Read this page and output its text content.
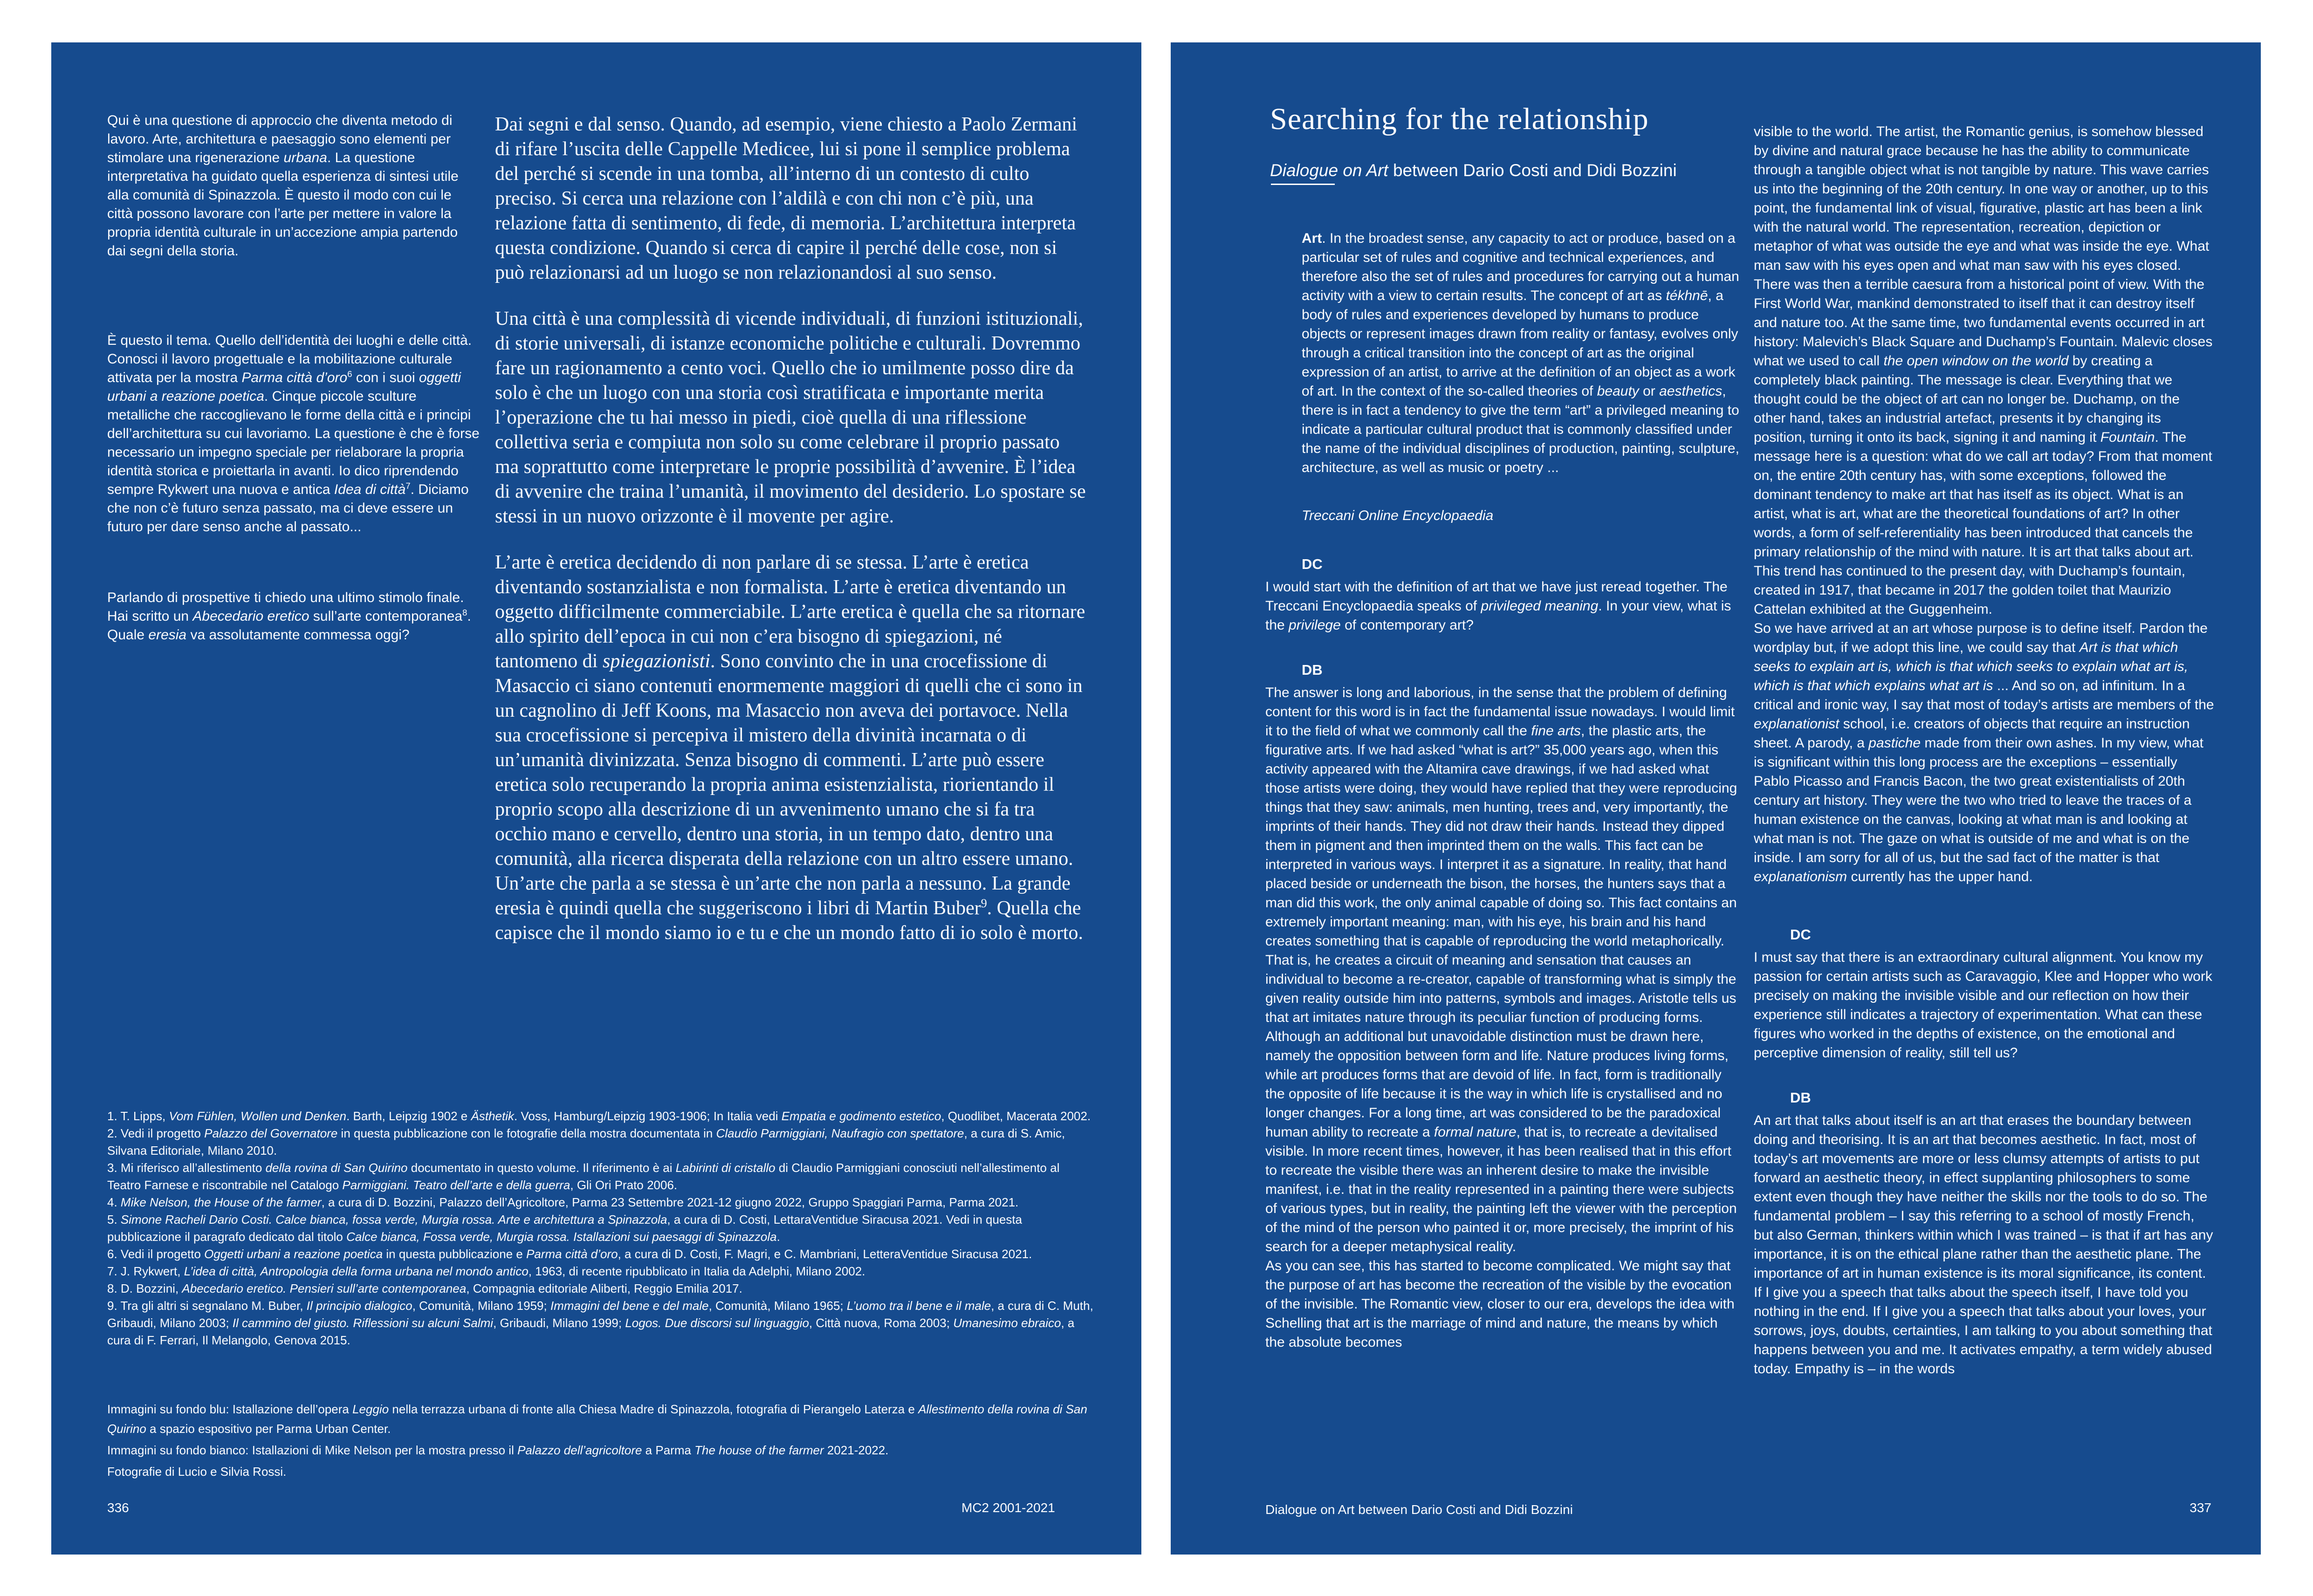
Qui è una questione di approccio che diventa metodo di lavoro. Arte, architettura e paesaggio sono elementi per stimolare una rigenerazione urbana. La questione interpretativa ha guidato quella esperienza di sintesi utile alla comunità di Spinazzola. È questo il modo con cui le città possono lavorare con l’arte per mettere in valore la propria identità culturale in un’accezione ampia partendo dai segni della storia.

È questo il tema. Quello dell’identità dei luoghi e delle città. Conosci il lavoro progettuale e la mobilitazione culturale attivata per la mostra Parma città d’oro$^6$ con i suoi oggetti urbani a reazione poetica. Cinque piccole sculture metalliche che raccoglievano le forme della città e i principi dell’architettura su cui lavoriamo. La questione è che è forse necessario un impegno speciale per rielaborare la propria identità storica e proiettarla in avanti. Io dico riprendendo sempre Rykwert una nuova e antica Idea di città$^7$. Diciamo che non c’è futuro senza passato, ma ci deve essere un futuro per dare senso anche al passato...

Parlando di prospettive ti chiedo una ultimo stimolo finale. Hai scritto un Abecedario eretico sull’arte contemporanea$^8$. Quale eresia va assolutamente commessa oggi?

Dai segni e dal senso. Quando, ad esempio, viene chiesto a Paolo Zermani di rifare l’uscita delle Cappelle Medicee, lui si pone il semplice problema del perché si scende in una tomba, all’interno di un contesto di culto preciso. Si cerca una relazione con l’aldilà e con chi non c’è più, una relazione fatta di sentimento, di fede, di memoria. L’architettura interpreta questa condizione. Quando si cerca di capire il perché delle cose, non si può relazionarsi ad un luogo se non relazionandosi al suo senso.

Una città è una complessità di vicende individuali, di funzioni istituzionali, di storie universali, di istanze economiche politiche e culturali. Dovremmo fare un ragionamento a cento voci. Quello che io umilmente posso dire da solo è che un luogo con una storia così stratificata e importante merita l’operazione che tu hai messo in piedi, cioè quella di una riflessione collettiva seria e compiuta non solo su come celebrare il proprio passato ma soprattutto come interpretare le proprie possibilità d’avvenire. È l’idea di avvenire che traina l’umanità, il movimento del desiderio. Lo spostare se stessi in un nuovo orizzonte è il movente per agire.

L’arte è eretica decidendo di non parlare di se stessa. L’arte è eretica diventando sostanzialista e non formalista. L’arte è eretica diventando un oggetto difficilmente commerciabile. L’arte eretica è quella che sa ritornare allo spirito dell’epoca in cui non c’era bisogno di spiegazioni, né tantomeno di spiegazionisti. Sono convinto che in una crocefissione di Masaccio ci siano contenuti enormemente maggiori di quelli che ci sono in un cagnolino di Jeff Koons, ma Masaccio non aveva dei portavoce. Nella sua crocefissione si percepiva il mistero della divinità incarnata o di un’umanità divinizzata. Senza bisogno di commenti. L’arte può essere eretica solo recuperando la propria anima esistenzialista, riorientando il proprio scopo alla descrizione di un avvenimento umano che si fa tra occhio mano e cervello, dentro una storia, in un tempo dato, dentro una comunità, alla ricerca disperata della relazione con un altro essere umano. Un’arte che parla a se stessa è un’arte che non parla a nessuno. La grande eresia è quindi quella che suggeriscono i libri di Martin Buber$^9$. Quella che capisce che il mondo siamo io e tu e che un mondo fatto di io solo è morto.

1. T. Lipps, Vom Fühlen, Wollen und Denken. Barth, Leipzig 1902 e Ästhetik. Voss, Hamburg/Leipzig 1903-1906; In Italia vedi Empatia e godimento estetico, Quodlibet, Macerata 2002.

2. Vedi il progetto Palazzo del Governatore in questa pubblicazione con le fotografie della mostra documentata in Claudio Parmiggiani, Naufragio con spettatore, a cura di S. Amic, Silvana Editoriale, Milano 2010.

3. Mi riferisco all’allestimento della rovina di San Quirino documentato in questo volume. Il riferimento è ai Labirinti di cristallo di Claudio Parmiggiani conosciuti nell’allestimento al Teatro Farnese e riscontrabile nel Catalogo Parmiggiani. Teatro dell’arte e della guerra, Gli Ori Prato 2006.

4. Mike Nelson, the House of the farmer, a cura di D. Bozzini, Palazzo dell’Agricoltore, Parma 23 Settembre 2021-12 giugno 2022, Gruppo Spaggiari Parma, Parma 2021.

5. Simone Racheli Dario Costi. Calce bianca, fossa verde, Murgia rossa. Arte e architettura a Spinazzola, a cura di D. Costi, LettaraVentidue Siracusa 2021. Vedi in questa pubblicazione il paragrafo dedicato dal titolo Calce bianca, Fossa verde, Murgia rossa. Istallazioni sui paesaggi di Spinazzola.

6. Vedi il progetto Oggetti urbani a reazione poetica in questa pubblicazione e Parma città d’oro, a cura di D. Costi, F. Magri, e C. Mambriani, LetteraVentidue Siracusa 2021.

7. J. Rykwert, L’idea di città, Antropologia della forma urbana nel mondo antico, 1963, di recente ripubblicato in Italia da Adelphi, Milano 2002.

8. D. Bozzini, Abecedario eretico. Pensieri sull’arte contemporanea, Compagnia editoriale Aliberti, Reggio Emilia 2017.

9. Tra gli altri si segnalano M. Buber, Il principio dialogico, Comunità, Milano 1959; Immagini del bene e del male, Comunità, Milano 1965; L’uomo tra il bene e il male, a cura di C. Muth, Gribaudi, Milano 2003; Il cammino del giusto. Riflessioni su alcuni Salmi, Gribaudi, Milano 1999; Logos. Due discorsi sul linguaggio, Città nuova, Roma 2003; Umanesimo ebraico, a cura di F. Ferrari, Il Melangolo, Genova 2015.

Immagini su fondo blu: Istallazione dell’opera Leggio nella terrazza urbana di fronte alla Chiesa Madre di Spinazzola, fotografia di Pierangelo Laterza e Allestimento della rovina di San Quirino a spazio espositivo per Parma Urban Center.

Immagini su fondo bianco: Istallazioni di Mike Nelson per la mostra presso il Palazzo dell’agricoltore a Parma The house of the farmer 2021-2022.

Fotografie di Lucio e Silvia Rossi.

336	MC2 2001-2021
Searching for the relationship

Dialogue on Art between Dario Costi and Didi Bozzini

Art. In the broadest sense, any capacity to act or produce, based on a particular set of rules and cognitive and technical experiences, and therefore also the set of rules and procedures for carrying out a human activity with a view to certain results. The concept of art as tékhnē, a body of rules and experiences developed by humans to produce objects or represent images drawn from reality or fantasy, evolves only through a critical transition into the concept of art as the original expression of an artist, to arrive at the definition of an object as a work of art. In the context of the so-called theories of beauty or aesthetics, there is in fact a tendency to give the term “art” a privileged meaning to indicate a particular cultural product that is commonly classified under the name of the individual disciplines of production, painting, sculpture, architecture, as well as music or poetry ...

Treccani Online Encyclopaedia

DC

I would start with the definition of art that we have just reread together. The Treccani Encyclopaedia speaks of privileged meaning. In your view, what is the privilege of contemporary art?

DB

The answer is long and laborious, in the sense that the problem of defining content for this word is in fact the fundamental issue nowadays. I would limit it to the field of what we commonly call the fine arts, the plastic arts, the figurative arts. If we had asked “what is art?” 35,000 years ago, when this activity appeared with the Altamira cave drawings, if we had asked what those artists were doing, they would have replied that they were reproducing things that they saw: animals, men hunting, trees and, very importantly, the imprints of their hands. They did not draw their hands. Instead they dipped them in pigment and then imprinted them on the walls. This fact can be interpreted in various ways. I interpret it as a signature. In reality, that hand placed beside or underneath the bison, the horses, the hunters says that a man did this work, the only animal capable of doing so. This fact contains an extremely important meaning: man, with his eye, his brain and his hand creates something that is capable of reproducing the world metaphorically. That is, he creates a circuit of meaning and sensation that causes an individual to become a re-creator, capable of transforming what is simply the given reality outside him into patterns, symbols and images. Aristotle tells us that art imitates nature through its peculiar function of producing forms. Although an additional but unavoidable distinction must be drawn here, namely the opposition between form and life. Nature produces living forms, while art produces forms that are devoid of life. In fact, form is traditionally the opposite of life because it is the way in which life is crystallised and no longer changes. For a long time, art was considered to be the paradoxical human ability to recreate a formal nature, that is, to recreate a devitalised visible. In more recent times, however, it has been realised that in this effort to recreate the visible there was an inherent desire to make the invisible manifest, i.e. that in the reality represented in a painting there were subjects of various types, but in reality, the painting left the viewer with the perception of the mind of the person who painted it or, more precisely, the imprint of his search for a deeper metaphysical reality.

As you can see, this has started to become complicated. We might say that the purpose of art has become the recreation of the visible by the evocation of the invisible. The Romantic view, closer to our era, develops the idea with Schelling that art is the marriage of mind and nature, the means by which the absolute becomes

visible to the world. The artist, the Romantic genius, is somehow blessed by divine and natural grace because he has the ability to communicate through a tangible object what is not tangible by nature. This wave carries us into the beginning of the 20th century. In one way or another, up to this point, the fundamental link of visual, figurative, plastic art has been a link with the natural world. The representation, recreation, depiction or metaphor of what was outside the eye and what was inside the eye. What man saw with his eyes open and what man saw with his eyes closed. There was then a terrible caesura from a historical point of view. With the First World War, mankind demonstrated to itself that it can destroy itself and nature too. At the same time, two fundamental events occurred in art history: Malevich’s Black Square and Duchamp’s Fountain. Malevic closes what we used to call the open window on the world by creating a completely black painting. The message is clear. Everything that we thought could be the object of art can no longer be. Duchamp, on the other hand, takes an industrial artefact, presents it by changing its position, turning it onto its back, signing it and naming it Fountain. The message here is a question: what do we call art today? From that moment on, the entire 20th century has, with some exceptions, followed the dominant tendency to make art that has itself as its object. What is an artist, what is art, what are the theoretical foundations of art? In other words, a form of self-referentiality has been introduced that cancels the primary relationship of the mind with nature. It is art that talks about art. This trend has continued to the present day, with Duchamp’s fountain, created in 1917, that became in 2017 the golden toilet that Maurizio Cattelan exhibited at the Guggenheim.

So we have arrived at an art whose purpose is to define itself. Pardon the wordplay but, if we adopt this line, we could say that Art is that which seeks to explain art is, which is that which seeks to explain what art is, which is that which explains what art is ... And so on, ad infinitum. In a critical and ironic way, I say that most of today’s artists are members of the explanationist school, i.e. creators of objects that require an instruction sheet. A parody, a pastiche made from their own ashes. In my view, what is significant within this long process are the exceptions – essentially Pablo Picasso and Francis Bacon, the two great existentialists of 20th century art history. They were the two who tried to leave the traces of a human existence on the canvas, looking at what man is and looking at what man is not. The gaze on what is outside of me and what is on the inside. I am sorry for all of us, but the sad fact of the matter is that explanationism currently has the upper hand.

DC

I must say that there is an extraordinary cultural alignment. You know my passion for certain artists such as Caravaggio, Klee and Hopper who work precisely on making the invisible visible and our reflection on how their experience still indicates a trajectory of experimentation. What can these figures who worked in the depths of existence, on the emotional and perceptive dimension of reality, still tell us?

DB

An art that talks about itself is an art that erases the boundary between doing and theorising. It is an art that becomes aesthetic. In fact, most of today’s art movements are more or less clumsy attempts of artists to put forward an aesthetic theory, in effect supplanting philosophers to some extent even though they have neither the skills nor the tools to do so. The fundamental problem – I say this referring to a school of mostly French, but also German, thinkers within which I was trained – is that if art has any importance, it is on the ethical plane rather than the aesthetic plane. The importance of art in human existence is its moral significance, its content. If I give you a speech that talks about the speech itself, I have told you nothing in the end. If I give you a speech that talks about your loves, your sorrows, joys, doubts, certainties, I am talking to you about something that happens between you and me. It activates empathy, a term widely abused today. Empathy is – in the words

Dialogue on Art between Dario Costi and Didi Bozzini	337
